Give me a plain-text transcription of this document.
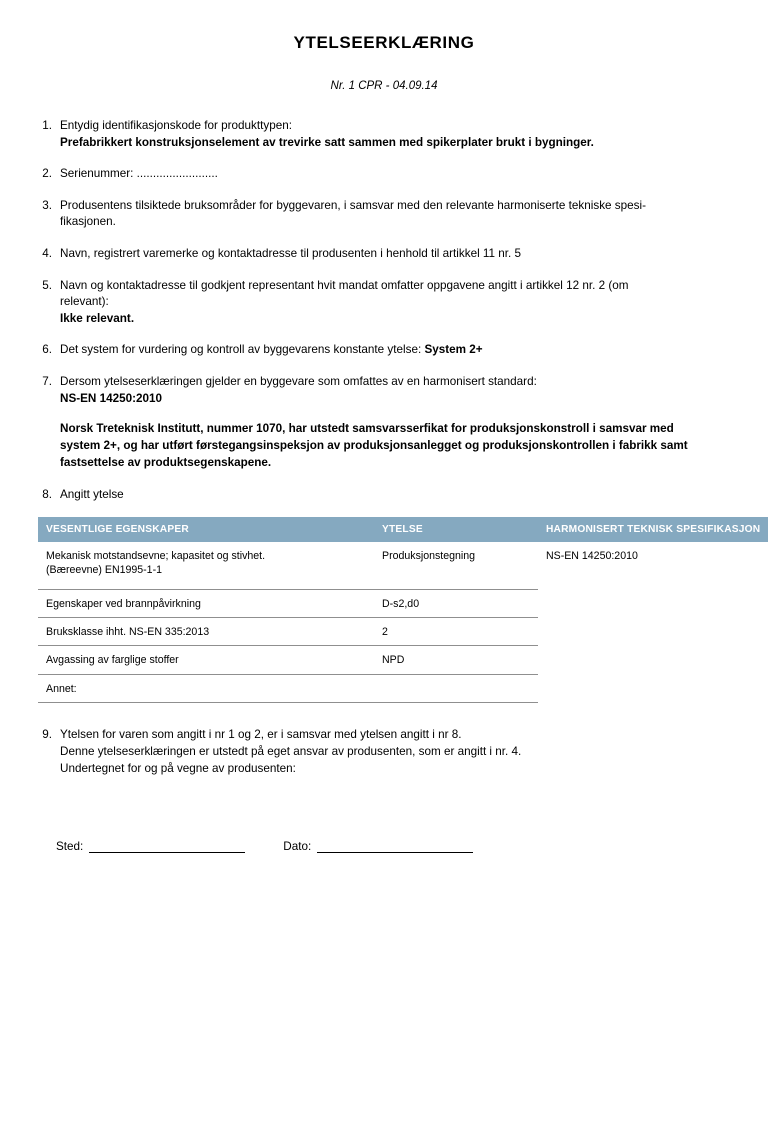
YTELSEERKLÆRING
Nr. 1 CPR - 04.09.14
1. Entydig identifikasjonskode for produkttypen:
Prefabrikkert konstruksjonselement av trevirke satt sammen med spikerplater brukt i bygninger.
2. Serienummer: .........................
3. Produsentens tilsiktede bruksområder for byggevaren, i samsvar med den relevante harmoniserte tekniske spesi-
fikasjonen.
4. Navn, registrert varemerke og kontaktadresse til produsenten i henhold til artikkel 11 nr. 5
5. Navn og kontaktadresse til godkjent representant hvit mandat omfatter oppgavene angitt i artikkel 12 nr. 2 (om
relevant):
Ikke relevant.
6. Det system for vurdering og kontroll av byggevarens konstante ytelse: System 2+
7. Dersom ytelseserklæringen gjelder en byggevare som omfattes av en harmonisert standard:
NS-EN 14250:2010
Norsk Treteknisk Institutt, nummer 1070, har utstedt samsvarsserfikat for produksjonskonstroll i samsvar med
system 2+, og har utført førstegangsinspeksjon av produksjonsanlegget og produksjonskontrollen i fabrikk samt
fastsettelse av produktsegenskapene.
8. Angitt ytelse
VESENTLIGE EGENSKAPER	YTELSE	HARMONISERT TEKNISK SPESIFIKASJON

Mekanisk motstandsevne; kapasitet og stivhet.
(Bæreevne) EN1995-1-1	Produksjonstegning	NS-EN 14250:2010
Egenskaper ved brannpåvirkning	D-s2,d0	
Bruksklasse ihht. NS-EN 335:2013	2	
Avgassing av farglige stoffer	NPD	
Annet:		
9. Ytelsen for varen som angitt i nr 1 og 2, er i samsvar med ytelsen angitt i nr 8.
Denne ytelseserklæringen er utstedt på eget ansvar av produsenten, som er angitt i nr. 4.
Undertegnet for og på vegne av produsenten:
Sted:	Dato:
